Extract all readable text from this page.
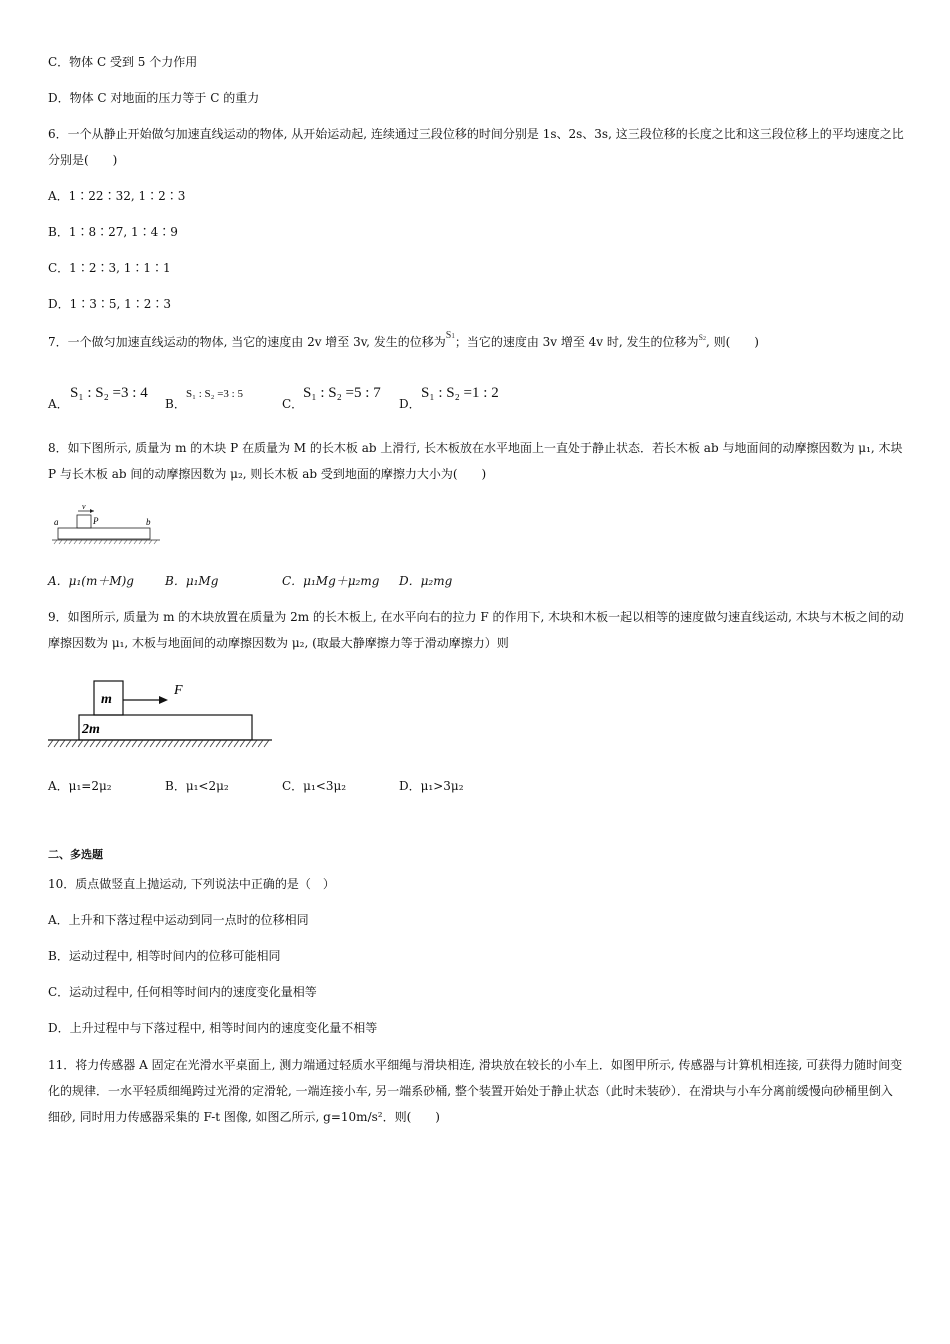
C．物体 C 受到 5 个力作用
D．物体 C 对地面的压力等于 C 的重力
6．一个从静止开始做匀加速直线运动的物体, 从开始运动起, 连续通过三段位移的时间分别是 1s、2s、3s, 这三段位移的长度之比和这三段位移上的平均速度之比分别是(　　)
A．1∶22∶32, 1∶2∶3
B．1∶8∶27, 1∶4∶9
C．1∶2∶3, 1∶1∶1
D．1∶3∶5, 1∶2∶3
7．一个做匀加速直线运动的物体, 当它的速度由 2v 增至 3v, 发生的位移为$^{S1}$；当它的速度由 3v 增至 4v 时, 发生的位移为$^{S2}$, 则(　　)
A．
S₁ : S₂ =3 : 4
B．
S₁ : S₂ =3 : 5
C．
S₁ : S₂ =5 : 7
D．
S₁ : S₂ =1 : 2
8．如下图所示, 质量为 m 的木块 P 在质量为 M 的长木板 ab 上滑行, 长木板放在水平地面上一直处于静止状态．若长木板 ab 与地面间的动摩擦因数为 μ₁, 木块 P 与长木板 ab 间的动摩擦因数为 μ₂, 则长木板 ab 受到地面的摩擦力大小为(　　)
v
a	P	b
A．μ₁(m＋M)g	B．μ₁Mg	C．μ₁Mg＋μ₂mg D．μ₂mg
9．如图所示, 质量为 m 的木块放置在质量为 2m 的长木板上, 在水平向右的拉力 F 的作用下, 木块和木板一起以相等的速度做匀速直线运动, 木块与木板之间的动摩擦因数为 μ₁, 木板与地面间的动摩擦因数为 μ₂, (取最大静摩擦力等于滑动摩擦力）则
m
F
2m
A．μ₁=2μ₂	B．μ₁<2μ₂	C．μ₁<3μ₂	D．μ₁>3μ₂
二、多选题
10．质点做竖直上抛运动, 下列说法中正确的是（　）
A．上升和下落过程中运动到同一点时的位移相同
B．运动过程中, 相等时间内的位移可能相同
C．运动过程中, 任何相等时间内的速度变化量相等
D．上升过程中与下落过程中, 相等时间内的速度变化量不相等
11．将力传感器 A 固定在光滑水平桌面上, 测力端通过轻质水平细绳与滑块相连, 滑块放在较长的小车上．如图甲所示, 传感器与计算机相连接, 可获得力随时间变化的规律．一水平轻质细绳跨过光滑的定滑轮, 一端连接小车, 另一端系砂桶, 整个装置开始处于静止状态（此时未装砂）．在滑块与小车分离前缓慢向砂桶里倒入细砂, 同时用力传感器采集的 F-t 图像, 如图乙所示, g=10m/s²．则(　　)
